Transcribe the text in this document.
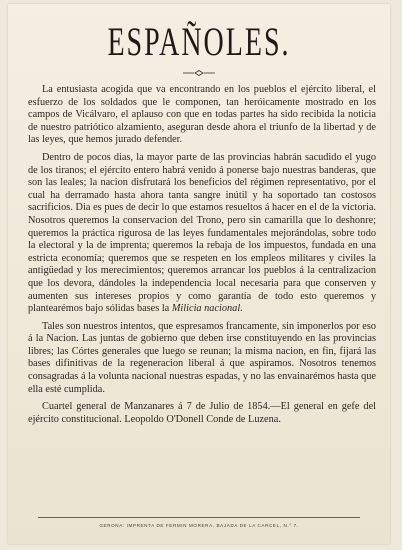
ESPAÑOLES.

La entusiasta acogida que va encontrando en los pueblos el ejército liberal, el esfuerzo de los soldados que le componen, tan heróicamente mostrado en los campos de Vicálvaro, el aplauso con que en todas partes ha sido recibida la noticia de nuestro patriótico alzamiento, aseguran desde ahora el triunfo de la libertad y de las leyes, que hemos jurado defender.

Dentro de pocos dias, la mayor parte de las provincias habrán sacudido el yugo de los tiranos; el ejército entero habrá venido á ponerse bajo nuestras banderas, que son las leales; la nacion disfrutará los beneficios del régimen representativo, por el cual ha derramado hasta ahora tanta sangre inútil y ha soportado tan costosos sacrificios. Dia es pues de decir lo que estamos resueltos á hacer en el de la victoria. Nosotros queremos la conservacion del Trono, pero sin camarilla que lo deshonre; queremos la práctica rigurosa de las leyes fundamentales mejorándolas, sobre todo la electoral y la de imprenta; queremos la rebaja de los impuestos, fundada en una estricta economía; queremos que se respeten en los empleos militares y civiles la antigüedad y los merecimientos; queremos arrancar los pueblos á la centralizacion que los devora, dándoles la independencia local necesaria para que conserven y aumenten sus intereses propios y como garantía de todo esto queremos y plantearémos bajo sólidas bases la Milicia nacional.

Tales son nuestros intentos, que espresamos francamente, sin imponerlos por eso á la Nacion. Las juntas de gobierno que deben irse constituyendo en las provincias libres; las Córtes generales que luego se reunan; la misma nacion, en fin, fijará las bases difinitivas de la regeneracion liberal á que aspiramos. Nosotros tenemos consagradas á la volunta nacional nuestras espadas, y no las envainarémos hasta que ella esté cumplida.

Cuartel general de Manzanares á 7 de Julio de 1854.—El general en gefe del ejército constitucional. Leopoldo O'Donell Conde de Luzena.

GERONA: IMPRENTA DE FERMIN MORERA, BAJADA DE LA CARCEL, N.° 7.
